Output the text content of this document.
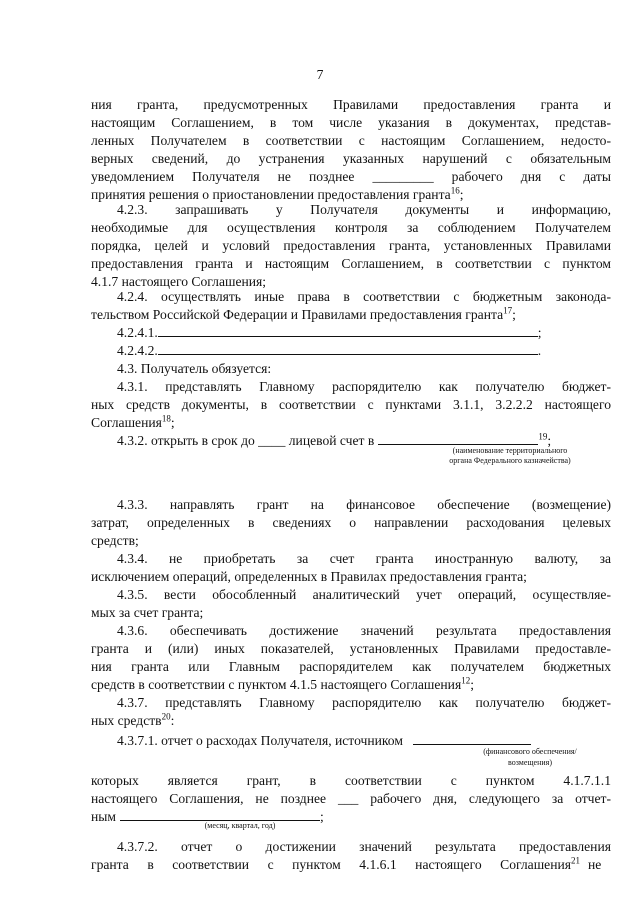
7
ния гранта, предусмотренных Правилами предоставления гранта и
настоящим Соглашением, в том числе указания в документах, представ-
ленных Получателем в соответствии с настоящим Соглашением, недосто-
верных сведений, до устранения указанных нарушений с обязательным
уведомлением Получателя не позднее _________ рабочего дня с даты
принятия решения о приостановлении предоставления гранта$^{16}$;
4.2.3. запрашивать у Получателя документы и информацию,
необходимые для осуществления контроля за соблюдением Получателем
порядка, целей и условий предоставления гранта, установленных Правилами
предоставления гранта и настоящим Соглашением, в соответствии с пунктом
4.1.7 настоящего Соглашения;
4.2.4. осуществлять иные права в соответствии с бюджетным законода-
тельством Российской Федерации и Правилами предоставления гранта$^{17}$;
4.2.4.1.	;
4.2.4.2.	.
4.3. Получатель обязуется:
4.3.1. представлять Главному распорядителю как получателю бюджет-
ных средств документы, в соответствии с пунктами 3.1.1, 3.2.2.2 настоящего
Соглашения$^{18}$;
4.3.2. открыть в срок до ____ лицевой счет в	$^{19}$;
(наименование территориального
органа Федерального казначейства)
4.3.3. направлять грант на финансовое обеспечение (возмещение)
затрат, определенных в сведениях о направлении расходования целевых
средств;
4.3.4. не приобретать за счет гранта иностранную валюту, за
исключением операций, определенных в Правилах предоставления гранта;
4.3.5. вести обособленный аналитический учет операций, осуществляе-
мых за счет гранта;
4.3.6. обеспечивать достижение значений результата предоставления
гранта и (или) иных показателей, установленных Правилами предоставле-
ния гранта или Главным распорядителем как получателем бюджетных
средств в соответствии с пунктом 4.1.5 настоящего Соглашения$^{12}$;
4.3.7. представлять Главному распорядителю как получателю бюджет-
ных средств$^{20}$:
4.3.7.1. отчет о расходах Получателя, источником
(финансового обеспечения/
возмещения)
которых является грант, в соответствии с пунктом 4.1.7.1.1
настоящего Соглашения, не позднее ___ рабочего дня, следующего за отчет-
ным	;
(месяц, квартал, год)
4.3.7.2. отчет о достижении значений результата предоставления
гранта в соответствии с пунктом 4.1.6.1 настоящего Соглашения$^{21}$ не
